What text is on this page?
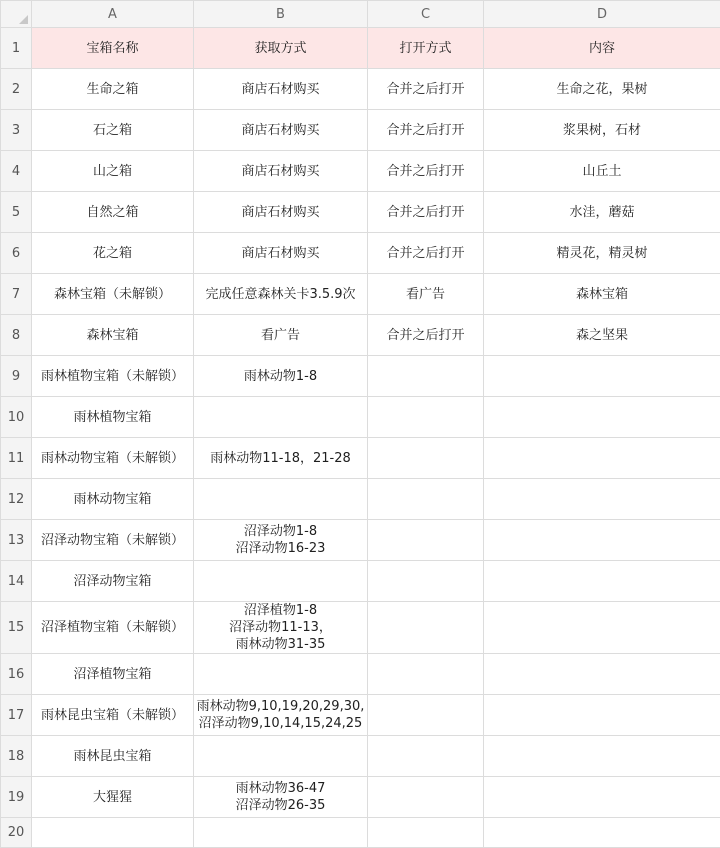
	A	B	C	D
1	宝箱名称	获取方式	打开方式	内容

2	生命之箱	商店石材购买	合并之后打开	生命之花，果树

3	石之箱	商店石材购买	合并之后打开	浆果树，石材

4	山之箱	商店石材购买	合并之后打开	山丘土

5	自然之箱	商店石材购买	合并之后打开	水洼，蘑菇

6	花之箱	商店石材购买	合并之后打开	精灵花，精灵树

7	森林宝箱（未解锁）	完成任意森林关卡3.5.9次	看广告	森林宝箱

8	森林宝箱	看广告	合并之后打开	森之坚果

9	雨林植物宝箱（未解锁）	雨林动物1-8		

10	雨林植物宝箱			

11	雨林动物宝箱（未解锁）	雨林动物11-18，21-28		

12	雨林动物宝箱			

13	沼泽动物宝箱（未解锁）	沼泽动物1-8
沼泽动物16-23		

14	沼泽动物宝箱			

15	沼泽植物宝箱（未解锁）	沼泽植物1-8
沼泽动物11-13，
雨林动物31-35		

16	沼泽植物宝箱			

17	雨林昆虫宝箱（未解锁）	雨林动物9,10,19,20,29,30,
沼泽动物9,10,14,15,24,25		

18	雨林昆虫宝箱			

19	大猩猩	雨林动物36-47
沼泽动物26-35		

20				
